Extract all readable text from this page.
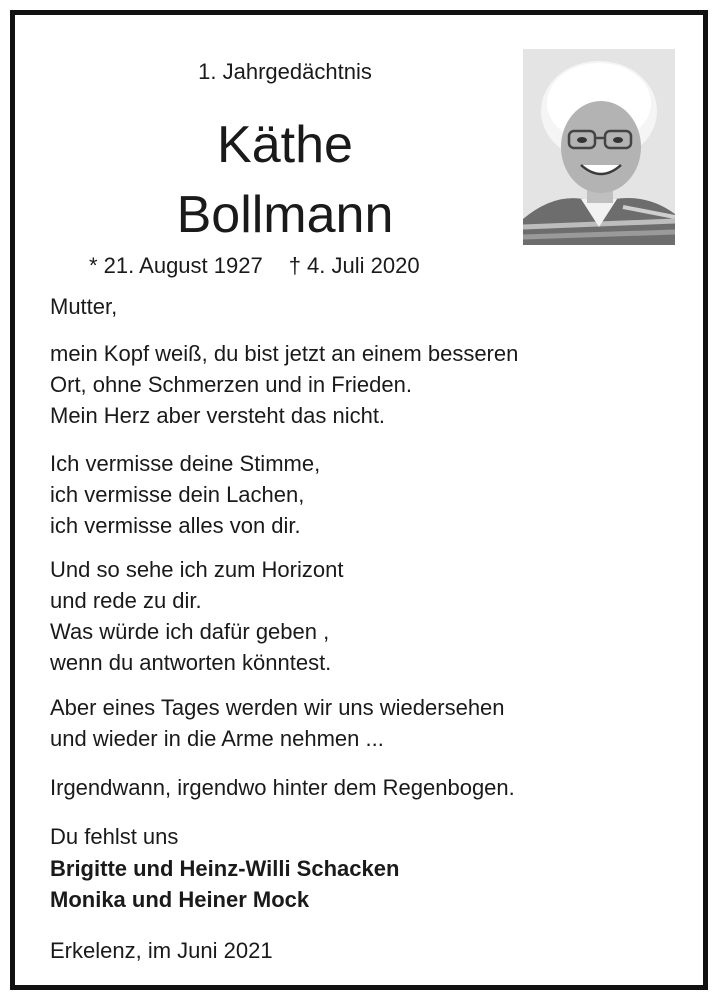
1. Jahrgedächtnis
Käthe
Bollmann
* 21. August 1927 † 4. Juli 2020
Mutter,
mein Kopf weiß, du bist jetzt an einem besseren
Ort, ohne Schmerzen und in Frieden.
Mein Herz aber versteht das nicht.
Ich vermisse deine Stimme,
ich vermisse dein Lachen,
ich vermisse alles von dir.
Und so sehe ich zum Horizont
und rede zu dir.
Was würde ich dafür geben ,
wenn du antworten könntest.
Aber eines Tages werden wir uns wiedersehen
und wieder in die Arme nehmen ...
Irgendwann, irgendwo hinter dem Regenbogen.
Du fehlst uns
Brigitte und Heinz-Willi Schacken
Monika und Heiner Mock
Erkelenz, im Juni 2021
